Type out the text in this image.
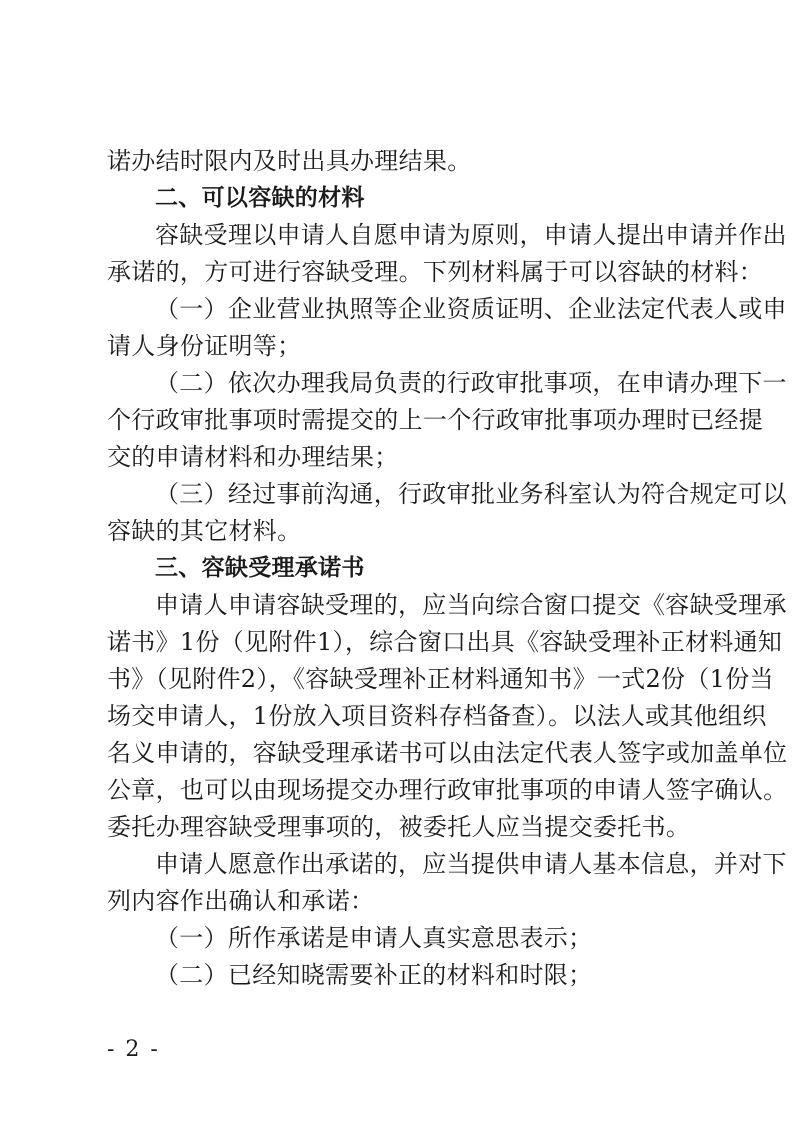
诺办结时限内及时出具办理结果。
二、可以容缺的材料
容缺受理以申请人自愿申请为原则，申请人提出申请并作出
承诺的，方可进行容缺受理。下列材料属于可以容缺的材料：
（一）企业营业执照等企业资质证明、企业法定代表人或申
请人身份证明等；
（二）依次办理我局负责的行政审批事项，在申请办理下一
个行政审批事项时需提交的上一个行政审批事项办理时已经提
交的申请材料和办理结果；
（三）经过事前沟通，行政审批业务科室认为符合规定可以
容缺的其它材料。
三、容缺受理承诺书
申请人申请容缺受理的，应当向综合窗口提交《容缺受理承
诺书》1份（见附件1），综合窗口出具《容缺受理补正材料通知
书》（见附件2），《容缺受理补正材料通知书》一式2份（1份当
场交申请人，1份放入项目资料存档备查）。以法人或其他组织
名义申请的，容缺受理承诺书可以由法定代表人签字或加盖单位
公章，也可以由现场提交办理行政审批事项的申请人签字确认。
委托办理容缺受理事项的，被委托人应当提交委托书。
申请人愿意作出承诺的，应当提供申请人基本信息，并对下
列内容作出确认和承诺：
（一）所作承诺是申请人真实意思表示；
（二）已经知晓需要补正的材料和时限；
- 2 -
